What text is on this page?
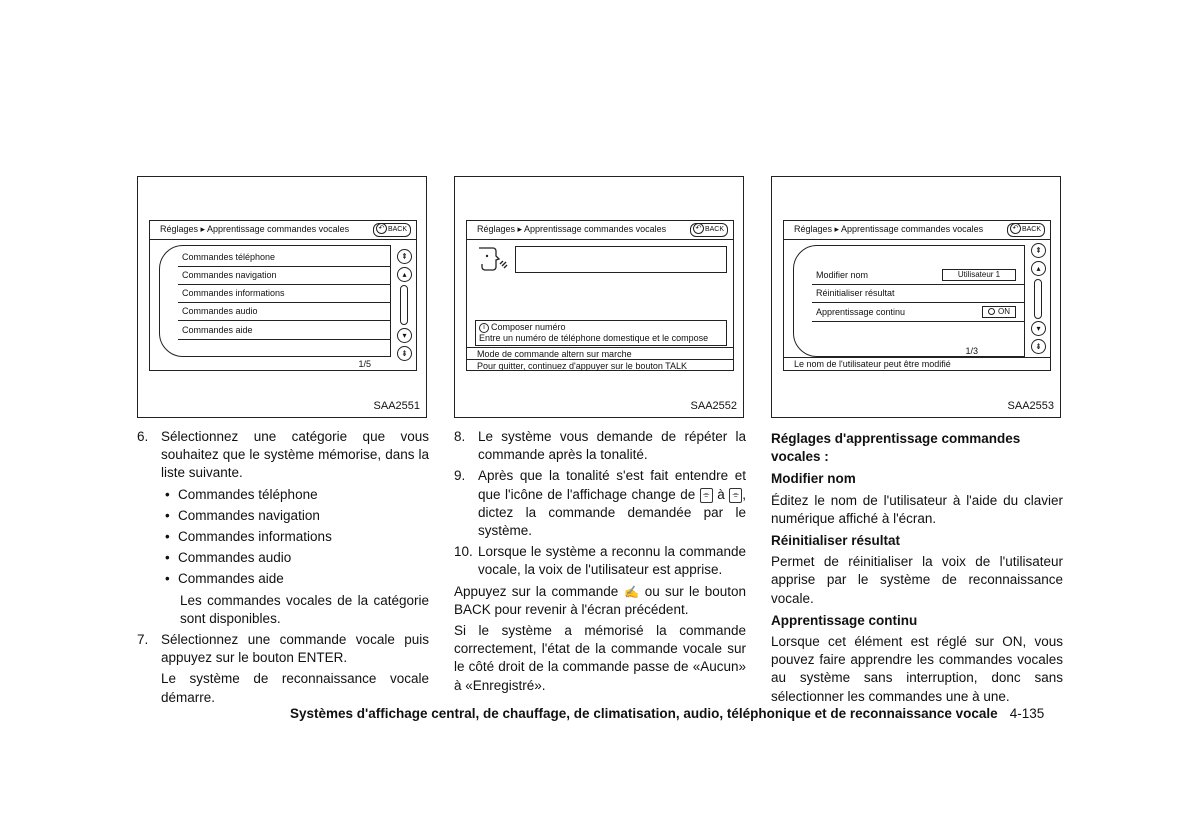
Réglages ▸ Apprentissage commandes vocales	↶ BACK
Commandes téléphone
Commandes navigation
Commandes informations
Commandes audio
Commandes aide
⇞
▴
▾
⇟
1/5
SAA2551
Réglages ▸ Apprentissage commandes vocales	↶ BACK
i Composer numéro
Entre un numéro de téléphone domestique et le compose
Mode de commande altern sur marche
Pour quitter, continuez d'appuyer sur le bouton TALK
SAA2552
Réglages ▸ Apprentissage commandes vocales	↶ BACK
Modifier nom	Utilisateur 1
Réinitialiser résultat
Apprentissage continu	ON
⇞
▴
▾
⇟
1/3
Le nom de l'utilisateur peut être modifié
SAA2553

6. Sélectionnez une catégorie que vous souhaitez que le système mémorise, dans la liste suivante.

• Commandes téléphone

• Commandes navigation

• Commandes informations

• Commandes audio

• Commandes aide

Les commandes vocales de la catégorie sont disponibles.

7. Sélectionnez une commande vocale puis appuyez sur le bouton ENTER.

Le système de reconnaissance vocale démarre.

8. Le système vous demande de répéter la commande après la tonalité.

9. Après que la tonalité s'est fait entendre et que l'icône de l'affichage change de ⌯ à ⌯ , dictez la commande demandée par le système.

10. Lorsque le système a reconnu la commande vocale, la voix de l'utilisateur est apprise.

Appuyez sur la commande ✍ ou sur le bouton BACK pour revenir à l'écran précédent.

Si le système a mémorisé la commande correctement, l'état de la commande vocale sur le côté droit de la commande passe de «Aucun» à «Enregistré».

Réglages d'apprentissage commandes vocales :
Modifier nom

Éditez le nom de l'utilisateur à l'aide du clavier numérique affiché à l'écran.

Réinitialiser résultat

Permet de réinitialiser la voix de l'utilisateur apprise par le système de reconnaissance vocale.

Apprentissage continu

Lorsque cet élément est réglé sur ON, vous pouvez faire apprendre les commandes vocales au système sans interruption, donc sans sélectionner les commandes une à une.

Systèmes d'affichage central, de chauffage, de climatisation, audio, téléphonique et de reconnaissance vocale 4-135
